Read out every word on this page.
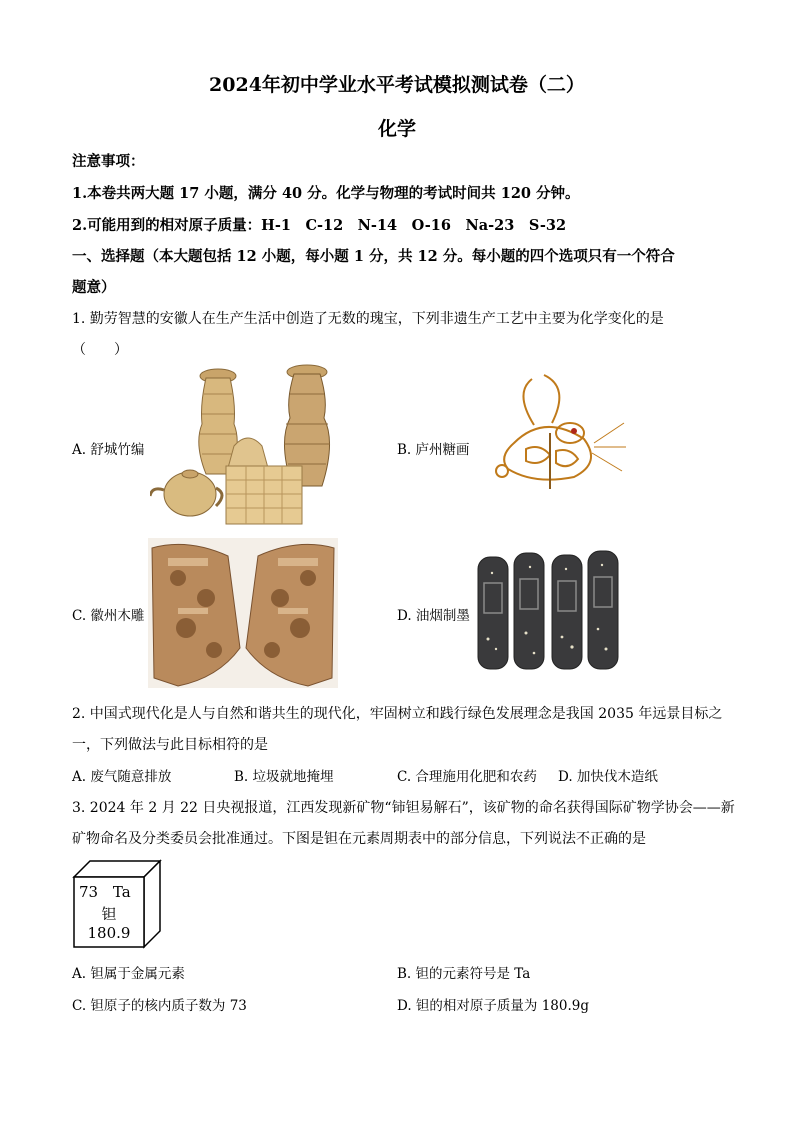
2024年初中学业水平考试模拟测试卷（二）
化学
注意事项：
1.本卷共两大题 17 小题，满分 40 分。化学与物理的考试时间共 120 分钟。
2.可能用到的相对原子质量：H-1　C-12　N-14　O-16　Na-23　S-32
一、选择题（本大题包括 12 小题，每小题 1 分，共 12 分。每小题的四个选项只有一个符合
题意）
1. 勤劳智慧的安徽人在生产生活中创造了无数的瑰宝，下列非遗生产工艺中主要为化学变化的是
（　　）
A. 舒城竹编	B. 庐州糖画
C. 徽州木雕	D. 油烟制墨
2. 中国式现代化是人与自然和谐共生的现代化，牢固树立和践行绿色发展理念是我国 2035 年远景目标之
一，下列做法与此目标相符的是
A. 废气随意排放	B. 垃圾就地掩埋	C. 合理施用化肥和农药 D. 加快伐木造纸
3. 2024 年 2 月 22 日央视报道，江西发现新矿物“铈钽易解石”，该矿物的命名获得国际矿物学协会——新
矿物命名及分类委员会批准通过。下图是钽在元素周期表中的部分信息，下列说法不正确的是
73 Ta
钽
180.9
A. 钽属于金属元素	B. 钽的元素符号是 Ta
C. 钽原子的核内质子数为 73	D. 钽的相对原子质量为 180.9g
